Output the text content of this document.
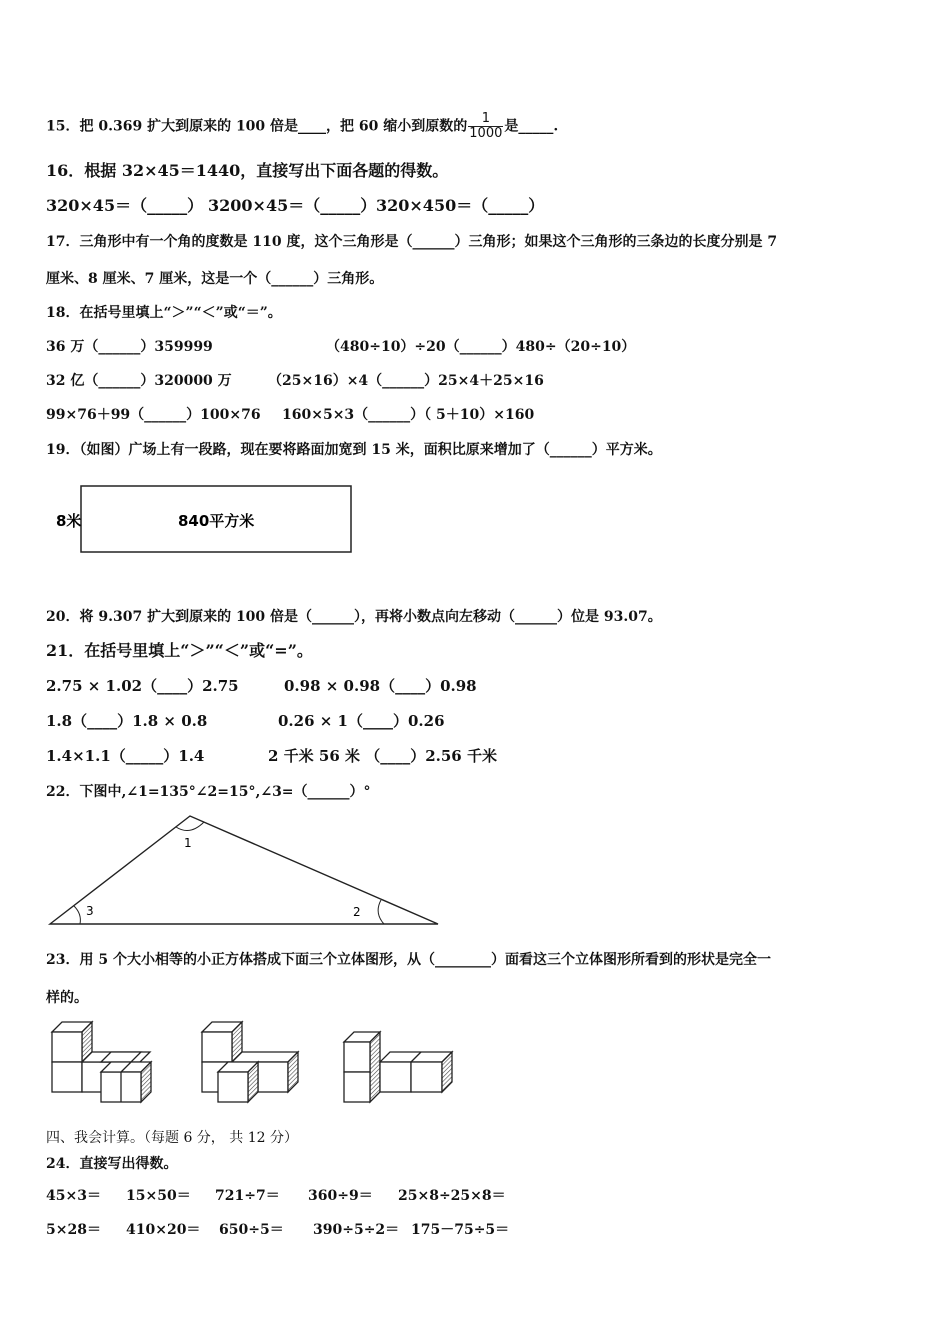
15．把 0.369 扩大到原来的 100 倍是____，把 60 缩小到原数的 $\frac{1}{1000}$ 是_____.
16．根据 32×45＝1440，直接写出下面各题的得数。
320×45＝（_____） 3200×45＝（_____） 320×450＝（_____）
17．三角形中有一个角的度数是 110 度，这个三角形是（______）三角形；如果这个三角形的三条边的长度分别是 7
厘米、8 厘米、7 厘米，这是一个（______）三角形。
18．在括号里填上“＞”“＜”或“＝”。
36 万（______）359999	（480÷10）÷20（______）480÷（20÷10）
32 亿（______）320000 万	（25×16）×4（______）25×4＋25×16
99×76＋99（______）100×76 160×5×3（______）（ 5＋10）×160
19．（如图）广场上有一段路，现在要将路面加宽到 15 米，面积比原来增加了（______）平方米。
8米	840平方米
20．将 9.307 扩大到原来的 100 倍是（______），再将小数点向左移动（______）位是 93.07。
21．在括号里填上“＞”“＜”或“=”。
2.75 × 1.02（____）2.75	0.98 × 0.98（____）0.98
1.8（____）1.8 × 0.8	0.26 × 1（____）0.26
1.4×1.1（_____）1.4	2 千米 56 米 （____）2.56 千米
22．下图中,∠1=135°∠2=15°,∠3=（______）°
1
2
3
23．用 5 个大小相等的小正方体搭成下面三个立体图形，从（________）面看这三个立体图形所看到的形状是完全一
样的。
四、我会计算。（每题 6 分， 共 12 分）
24．直接写出得数。
45×3＝ 15×50＝ 721÷7＝ 360÷9＝ 25×8÷25×8＝
5×28＝ 410×20＝ 650÷5＝ 390÷5÷2＝ 175－75÷5＝
